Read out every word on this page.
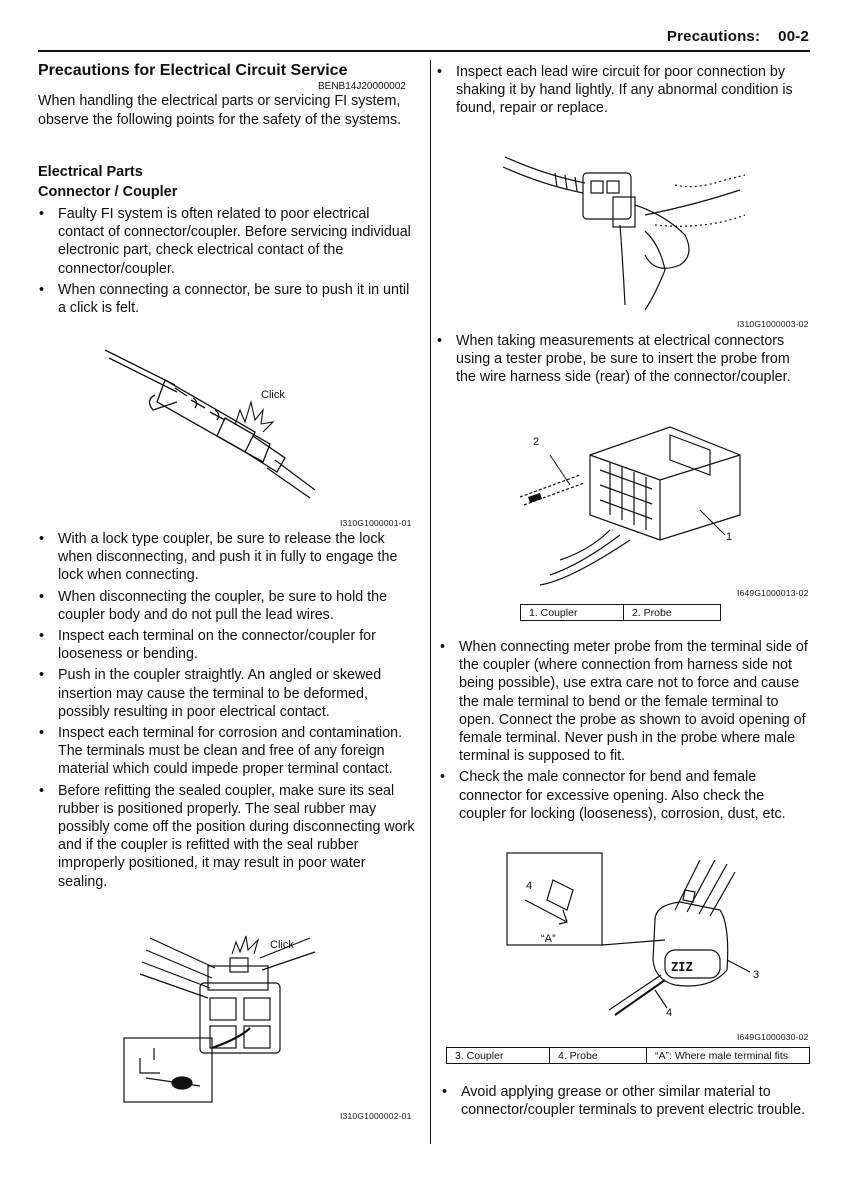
Precautions: 00-2
Precautions for Electrical Circuit Service
BENB14J20000002
When handling the electrical parts or servicing FI system, observe the following points for the safety of the systems.
Electrical Parts
Connector / Coupler
• Faulty FI system is often related to poor electrical contact of connector/coupler. Before servicing individual electronic part, check electrical contact of the connector/coupler.
• When connecting a connector, be sure to push it in until a click is felt.
Click
I310G1000001-01
• With a lock type coupler, be sure to release the lock when disconnecting, and push it in fully to engage the lock when connecting.
• When disconnecting the coupler, be sure to hold the coupler body and do not pull the lead wires.
• Inspect each terminal on the connector/coupler for looseness or bending.
• Push in the coupler straightly. An angled or skewed insertion may cause the terminal to be deformed, possibly resulting in poor electrical contact.
• Inspect each terminal for corrosion and contamination. The terminals must be clean and free of any foreign material which could impede proper terminal contact.
• Before refitting the sealed coupler, make sure its seal rubber is positioned properly. The seal rubber may possibly come off the position during disconnecting work and if the coupler is refitted with the seal rubber improperly positioned, it may result in poor water sealing.
Click
I310G1000002-01
• Inspect each lead wire circuit for poor connection by shaking it by hand lightly. If any abnormal condition is found, repair or replace.
I310G1000003-02
• When taking measurements at electrical connectors using a tester probe, be sure to insert the probe from the wire harness side (rear) of the connector/coupler.
2
1
I649G1000013-02
1. Coupler	2. Probe
• When connecting meter probe from the terminal side of the coupler (where connection from harness side not being possible), use extra care not to force and cause the male terminal to bend or the female terminal to open. Connect the probe as shown to avoid opening of female terminal. Never push in the probe where male terminal is supposed to fit.
• Check the male connector for bend and female connector for excessive opening. Also check the coupler for locking (looseness), corrosion, dust, etc.
ZIZ
4
“A”
3
4
I649G1000030-02
3. Coupler	4. Probe	“A”: Where male terminal fits
• Avoid applying grease or other similar material to connector/coupler terminals to prevent electric trouble.
